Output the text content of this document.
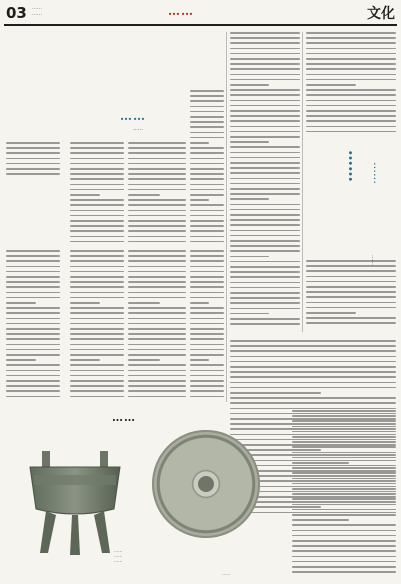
03 ……
……	……	文化
……
……
…… ……
……
……
……
……
……
……
